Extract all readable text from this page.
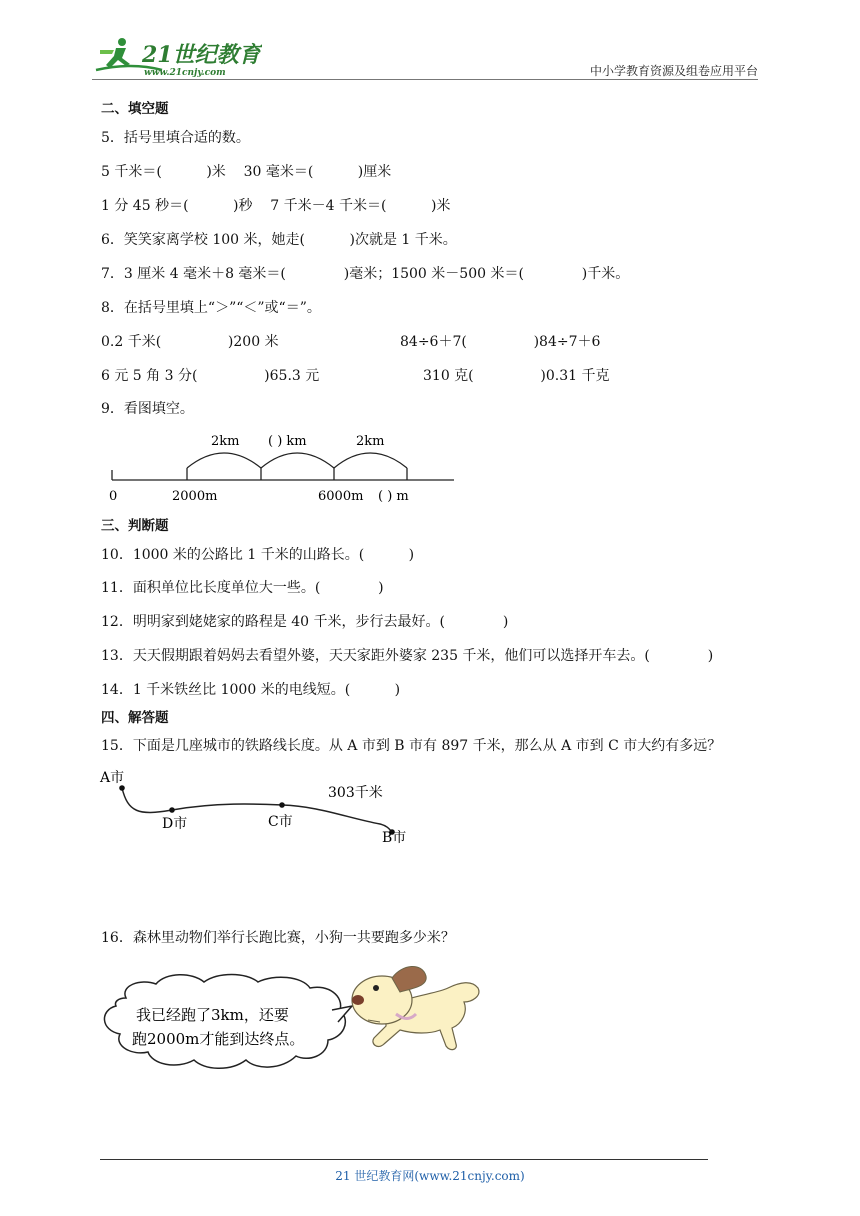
21世纪教育
www.21cnjy.com	中小学教育资源及组卷应用平台
二、填空题
5．括号里填合适的数。
5 千米＝(          )米    30 毫米＝(          )厘米
1 分 45 秒＝(          )秒    7 千米－4 千米＝(          )米
6．笑笑家离学校 100 米，她走(          )次就是 1 千米。
7．3 厘米 4 毫米＋8 毫米＝(             )毫米；1500 米－500 米＝(             )千米。
8．在括号里填上“＞”“＜”或“＝”。
0.2 千米(               )200 米	84÷6＋7(               )84÷7＋6
6 元 5 角 3 分(               )65.3 元	310 克(               )0.31 千克
9．看图填空。
2km ( ) km	2km
0	2000m	6000m ( ) m
三、判断题
10．1000 米的公路比 1 千米的山路长。(          )
11．面积单位比长度单位大一些。(             )
12．明明家到姥姥家的路程是 40 千米，步行去最好。(             )
13．天天假期跟着妈妈去看望外婆，天天家距外婆家 235 千米，他们可以选择开车去。(             )
14．1 千米铁丝比 1000 米的电线短。(          )
四、解答题
15．下面是几座城市的铁路线长度。从 A 市到 B 市有 897 千米，那么从 A 市到 C 市大约有多远？
A市
D市	C市
B市
303千米
16．森林里动物们举行长跑比赛，小狗一共要跑多少米？
我已经跑了3km，还要
跑2000m才能到达终点。
21 世纪教育网(www.21cnjy.com)
